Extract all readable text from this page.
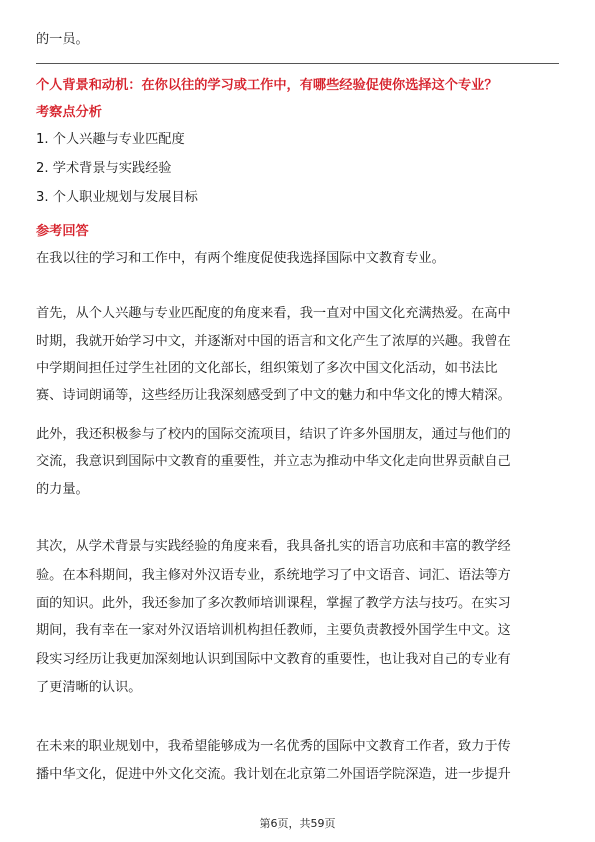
的一员。
个人背景和动机：在你以往的学习或工作中，有哪些经验促使你选择这个专业？
考察点分析
1. 个人兴趣与专业匹配度
2. 学术背景与实践经验
3. 个人职业规划与发展目标
参考回答
在我以往的学习和工作中，有两个维度促使我选择国际中文教育专业。
首先，从个人兴趣与专业匹配度的角度来看，我一直对中国文化充满热爱。在高中
时期，我就开始学习中文，并逐渐对中国的语言和文化产生了浓厚的兴趣。我曾在
中学期间担任过学生社团的文化部长，组织策划了多次中国文化活动，如书法比
赛、诗词朗诵等，这些经历让我深刻感受到了中文的魅力和中华文化的博大精深。
此外，我还积极参与了校内的国际交流项目，结识了许多外国朋友，通过与他们的
交流，我意识到国际中文教育的重要性，并立志为推动中华文化走向世界贡献自己
的力量。
其次，从学术背景与实践经验的角度来看，我具备扎实的语言功底和丰富的教学经
验。在本科期间，我主修对外汉语专业，系统地学习了中文语音、词汇、语法等方
面的知识。此外，我还参加了多次教师培训课程，掌握了教学方法与技巧。在实习
期间，我有幸在一家对外汉语培训机构担任教师，主要负责教授外国学生中文。这
段实习经历让我更加深刻地认识到国际中文教育的重要性，也让我对自己的专业有
了更清晰的认识。
在未来的职业规划中，我希望能够成为一名优秀的国际中文教育工作者，致力于传
播中华文化，促进中外文化交流。我计划在北京第二外国语学院深造，进一步提升
第6页，共59页
